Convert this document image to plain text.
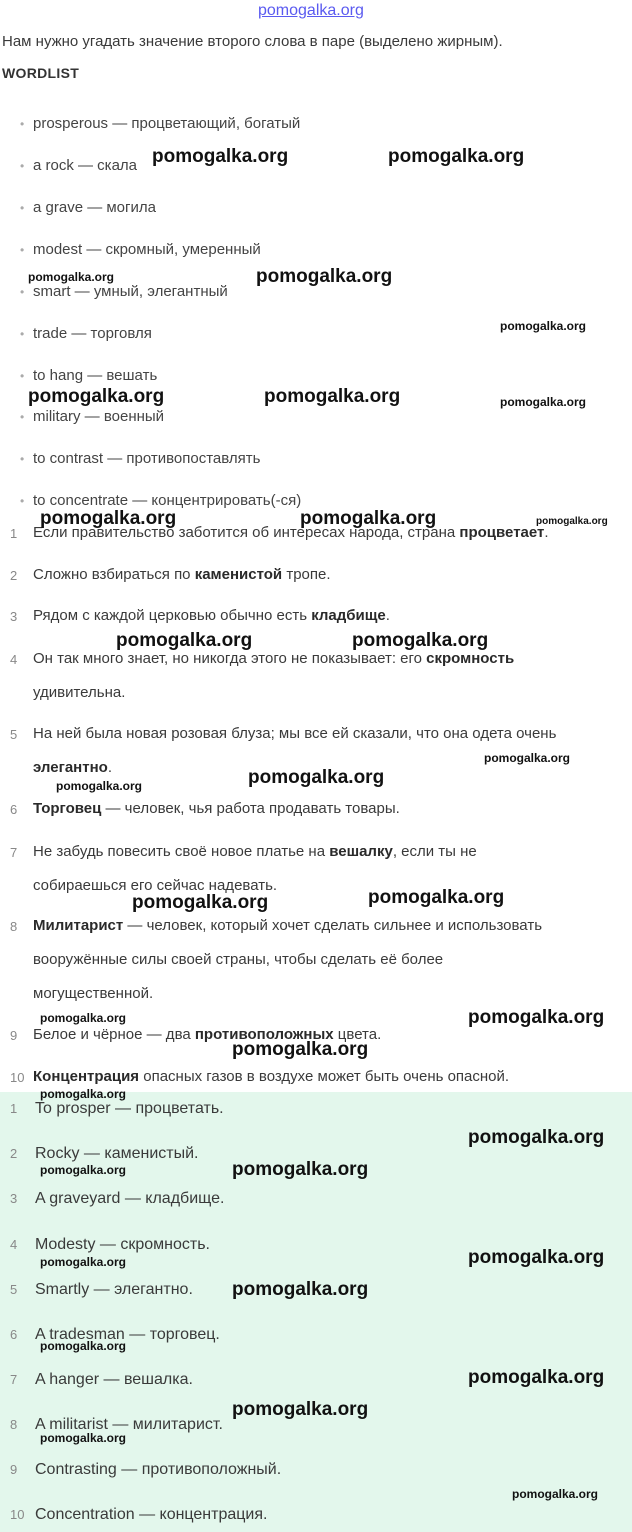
pomogalka.org
Нам нужно угадать значение второго слова в паре (выделено жирным).
WORDLIST
• prosperous — процветающий, богатый
• a rock — скала
• a grave — могила
• modest — скромный, умеренный
• smart — умный, элегантный
• trade — торговля
• to hang — вешать
• military — военный
• to contrast — противопоставлять
• to concentrate — концентрировать(-ся)
1	Если правительство заботится об интересах народа, страна процветает.
2	Сложно взбираться по каменистой тропе.
3	Рядом с каждой церковью обычно есть кладбище.
4	Он так много знает, но никогда этого не показывает: его скромность
удивительна.
5	На ней была новая розовая блуза; мы все ей сказали, что она одета очень
элегантно.
6	Торговец — человек, чья работа продавать товары.
7	Не забудь повесить своё новое платье на вешалку, если ты не
собираешься его сейчас надевать.
8	Милитарист — человек, который хочет сделать сильнее и использовать
вооружённые силы своей страны, чтобы сделать её более
могущественной.
9	Белое и чёрное — два противоположных цвета.
10 Концентрация опасных газов в воздухе может быть очень опасной.
1 To prosper — процветать.
2 Rocky — каменистый.
3 A graveyard — кладбище.
4 Modesty — скромность.
5 Smartly — элегантно.
6 A tradesman — торговец.
7 A hanger — вешалка.
8 A militarist — милитарист.
9 Contrasting — противоположный.
10 Concentration — концентрация.
pomogalka.org	pomogalka.org
pomogalka.org	pomogalka.org
pomogalka.org
pomogalka.org	pomogalka.org	pomogalka.org
pomogalka.org	pomogalka.org	pomogalka.org
pomogalka.org	pomogalka.org
pomogalka.org
pomogalka.org	pomogalka.org
pomogalka.org
pomogalka.org
pomogalka.org	pomogalka.org
pomogalka.org
pomogalka.org
pomogalka.org
pomogalka.org	pomogalka.org
pomogalka.org	pomogalka.org
pomogalka.org
pomogalka.org
pomogalka.org
pomogalka.org
pomogalka.org
pomogalka.org
